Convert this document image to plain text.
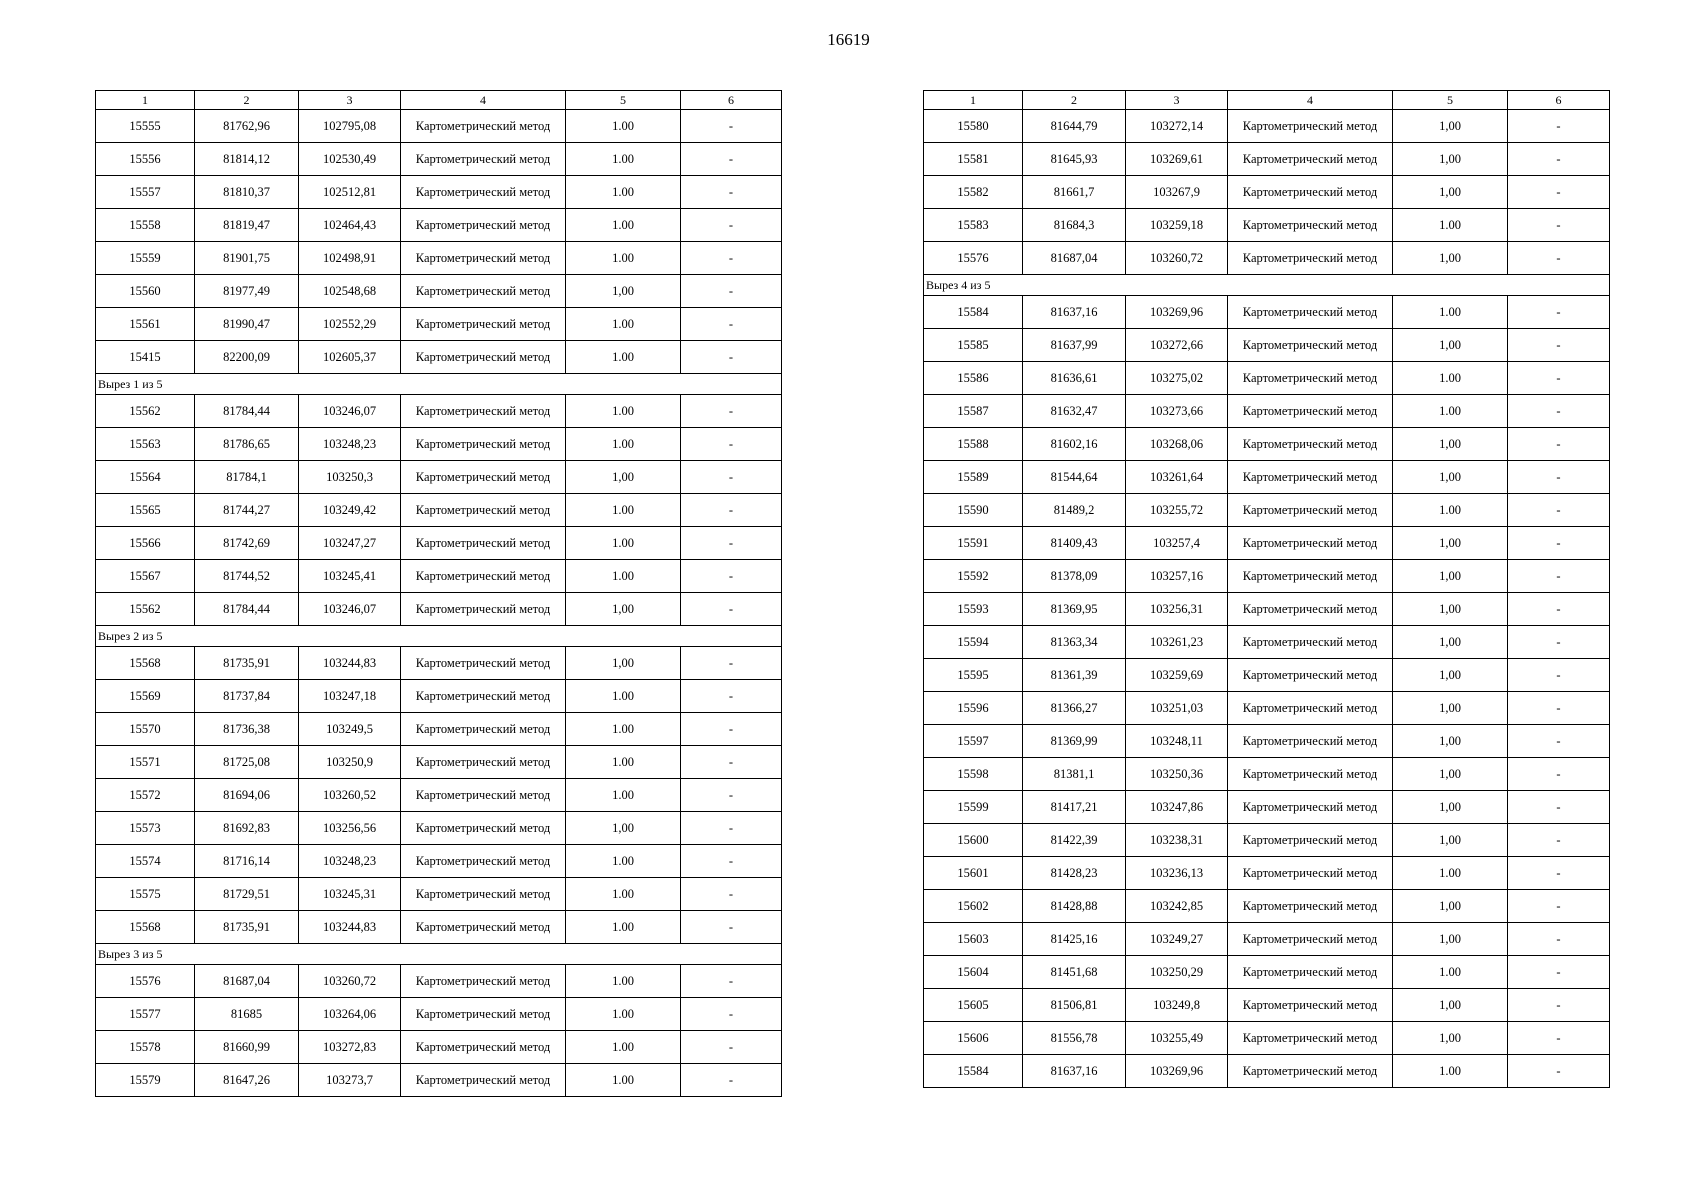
16619
1	2	3	4	5	6
15555	81762,96	102795,08	Картометрический метод	1.00	-
15556	81814,12	102530,49	Картометрический метод	1.00	-
15557	81810,37	102512,81	Картометрический метод	1.00	-
15558	81819,47	102464,43	Картометрический метод	1.00	-
15559	81901,75	102498,91	Картометрический метод	1.00	-
15560	81977,49	102548,68	Картометрический метод	1,00	-
15561	81990,47	102552,29	Картометрический метод	1.00	-
15415	82200,09	102605,37	Картометрический метод	1.00	-
Вырез 1 из 5					
15562	81784,44	103246,07	Картометрический метод	1.00	-
15563	81786,65	103248,23	Картометрический метод	1.00	-
15564	81784,1	103250,3	Картометрический метод	1,00	-
15565	81744,27	103249,42	Картометрический метод	1.00	-
15566	81742,69	103247,27	Картометрический метод	1.00	-
15567	81744,52	103245,41	Картометрический метод	1.00	-
15562	81784,44	103246,07	Картометрический метод	1,00	-
Вырез 2 из 5					
15568	81735,91	103244,83	Картометрический метод	1,00	-
15569	81737,84	103247,18	Картометрический метод	1.00	-
15570	81736,38	103249,5	Картометрический метод	1.00	-
15571	81725,08	103250,9	Картометрический метод	1.00	-
15572	81694,06	103260,52	Картометрический метод	1.00	-
15573	81692,83	103256,56	Картометрический метод	1,00	-
15574	81716,14	103248,23	Картометрический метод	1.00	-
15575	81729,51	103245,31	Картометрический метод	1.00	-
15568	81735,91	103244,83	Картометрический метод	1.00	-
Вырез 3 из 5					
15576	81687,04	103260,72	Картометрический метод	1.00	-
15577	81685	103264,06	Картометрический метод	1.00	-
15578	81660,99	103272,83	Картометрический метод	1.00	-
15579	81647,26	103273,7	Картометрический метод	1.00	-
1	2	3	4	5	6
15580	81644,79	103272,14	Картометрический метод	1,00	-
15581	81645,93	103269,61	Картометрический метод	1,00	-
15582	81661,7	103267,9	Картометрический метод	1,00	-
15583	81684,3	103259,18	Картометрический метод	1.00	-
15576	81687,04	103260,72	Картометрический метод	1,00	-
Вырез 4 из 5					
15584	81637,16	103269,96	Картометрический метод	1.00	-
15585	81637,99	103272,66	Картометрический метод	1,00	-
15586	81636,61	103275,02	Картометрический метод	1.00	-
15587	81632,47	103273,66	Картометрический метод	1.00	-
15588	81602,16	103268,06	Картометрический метод	1,00	-
15589	81544,64	103261,64	Картометрический метод	1,00	-
15590	81489,2	103255,72	Картометрический метод	1.00	-
15591	81409,43	103257,4	Картометрический метод	1,00	-
15592	81378,09	103257,16	Картометрический метод	1,00	-
15593	81369,95	103256,31	Картометрический метод	1,00	-
15594	81363,34	103261,23	Картометрический метод	1,00	-
15595	81361,39	103259,69	Картометрический метод	1,00	-
15596	81366,27	103251,03	Картометрический метод	1,00	-
15597	81369,99	103248,11	Картометрический метод	1,00	-
15598	81381,1	103250,36	Картометрический метод	1,00	-
15599	81417,21	103247,86	Картометрический метод	1,00	-
15600	81422,39	103238,31	Картометрический метод	1,00	-
15601	81428,23	103236,13	Картометрический метод	1.00	-
15602	81428,88	103242,85	Картометрический метод	1,00	-
15603	81425,16	103249,27	Картометрический метод	1,00	-
15604	81451,68	103250,29	Картометрический метод	1.00	-
15605	81506,81	103249,8	Картометрический метод	1,00	-
15606	81556,78	103255,49	Картометрический метод	1,00	-
15584	81637,16	103269,96	Картометрический метод	1.00	-
